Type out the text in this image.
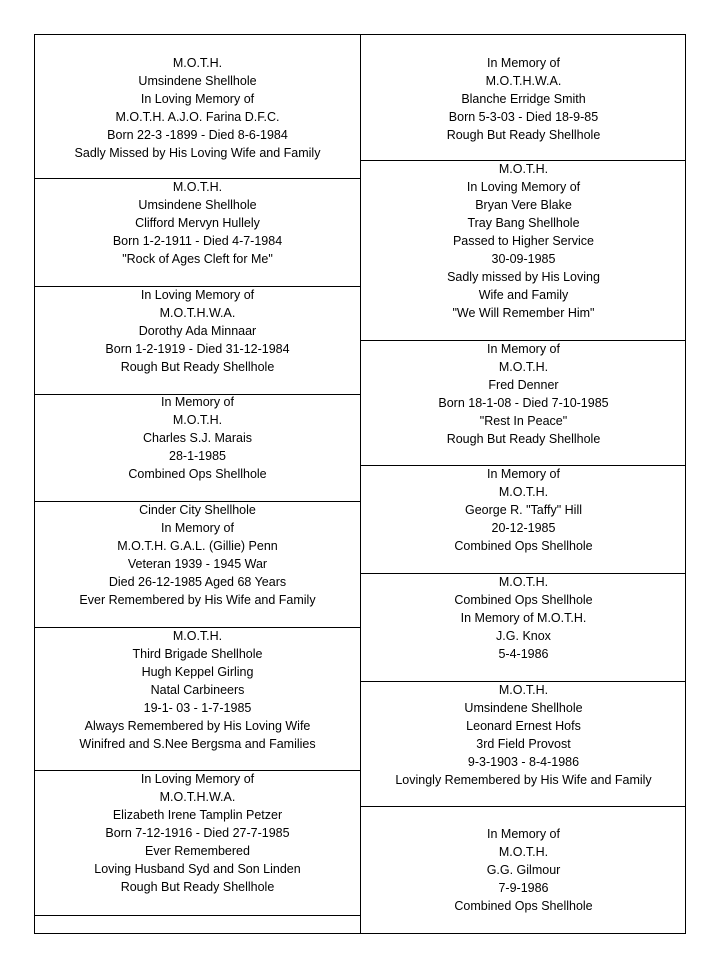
M.O.T.H.
Umsindene Shellhole
In Loving Memory of
M.O.T.H. A.J.O. Farina D.F.C.
Born 22-3 -1899 - Died 8-6-1984
Sadly Missed by His Loving Wife and Family
M.O.T.H.
Umsindene Shellhole
Clifford Mervyn Hullely
Born 1-2-1911 - Died 4-7-1984
"Rock of Ages Cleft for Me"
In Loving Memory of
M.O.T.H.W.A.
Dorothy Ada Minnaar
Born 1-2-1919 - Died 31-12-1984
Rough But Ready Shellhole
In Memory of
M.O.T.H.
Charles S.J. Marais
28-1-1985
Combined Ops Shellhole
Cinder City Shellhole
In Memory of
M.O.T.H. G.A.L. (Gillie) Penn
Veteran 1939 - 1945 War
Died 26-12-1985 Aged 68 Years
Ever Remembered by His Wife and Family
M.O.T.H.
Third Brigade Shellhole
Hugh Keppel Girling
Natal Carbineers
19-1- 03 - 1-7-1985
Always Remembered by His Loving Wife
Winifred and S.Nee Bergsma and Families
In Loving Memory of
M.O.T.H.W.A.
Elizabeth Irene Tamplin Petzer
Born 7-12-1916 - Died 27-7-1985
Ever Remembered
Loving Husband Syd and Son Linden
Rough But Ready Shellhole
In Memory of
M.O.T.H.W.A.
Blanche Erridge Smith
Born 5-3-03 - Died 18-9-85
Rough But Ready Shellhole
M.O.T.H.
In Loving Memory of
Bryan Vere Blake
Tray Bang Shellhole
Passed to Higher Service
30-09-1985
Sadly missed by His Loving
Wife and Family
"We Will Remember Him"
In Memory of
M.O.T.H.
Fred Denner
Born 18-1-08 - Died 7-10-1985
"Rest In Peace"
Rough But Ready Shellhole
In Memory of
M.O.T.H.
George R. "Taffy" Hill
20-12-1985
Combined Ops Shellhole
M.O.T.H.
Combined Ops Shellhole
In Memory of M.O.T.H.
J.G. Knox
5-4-1986
M.O.T.H.
Umsindene Shellhole
Leonard Ernest Hofs
3rd Field Provost
9-3-1903 - 8-4-1986
Lovingly Remembered by His Wife and Family
In Memory of
M.O.T.H.
G.G. Gilmour
7-9-1986
Combined Ops Shellhole
